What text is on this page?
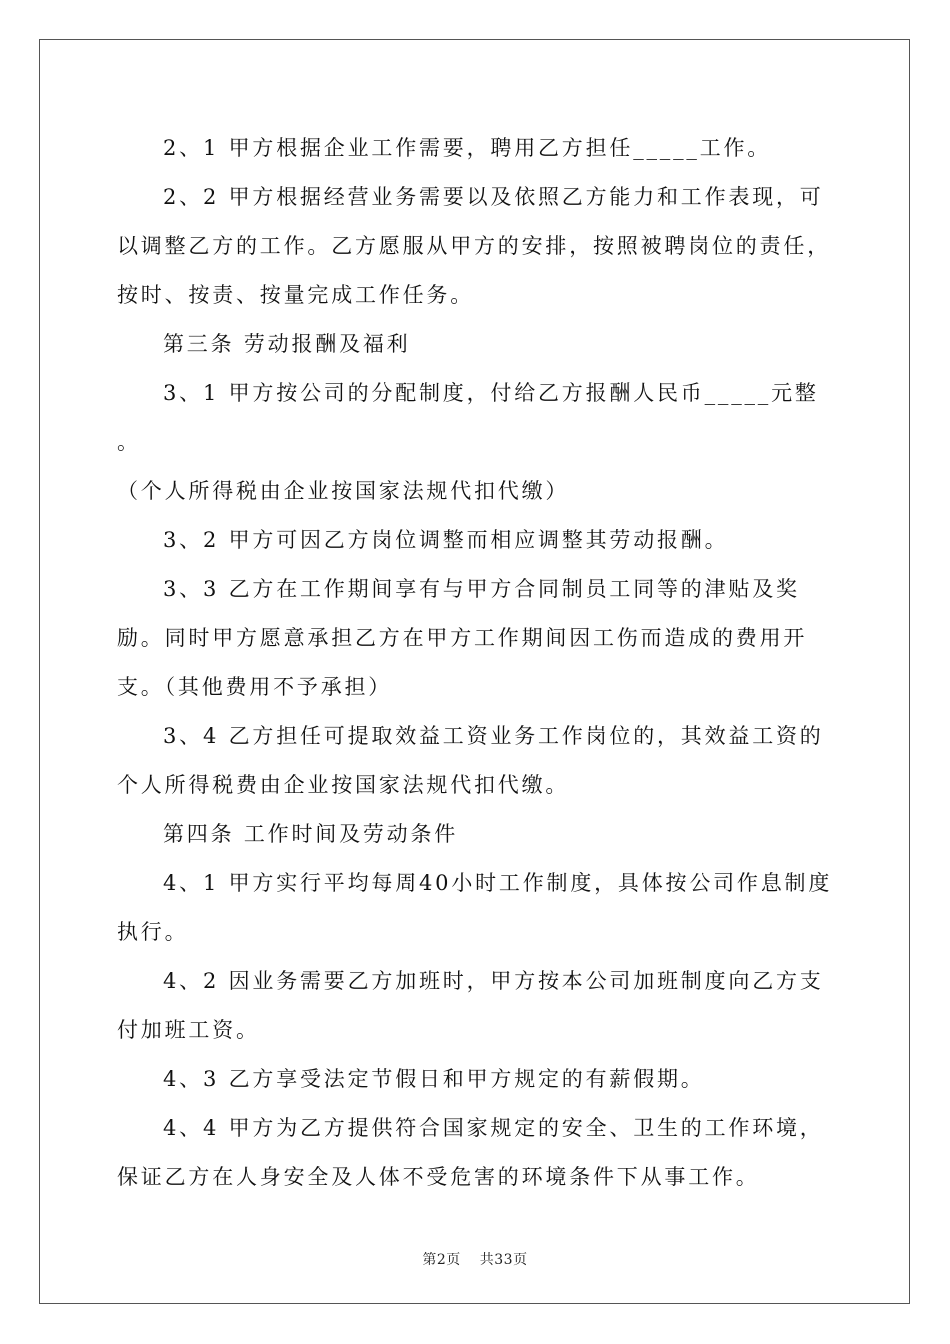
2、1 甲方根据企业工作需要，聘用乙方担任_____工作。

2、2 甲方根据经营业务需要以及依照乙方能力和工作表现，可以调整乙方的工作。乙方愿服从甲方的安排，按照被聘岗位的责任，按时、按责、按量完成工作任务。

第三条 劳动报酬及福利

3、1 甲方按公司的分配制度，付给乙方报酬人民币_____元整 。

（个人所得税由企业按国家法规代扣代缴）

3、2 甲方可因乙方岗位调整而相应调整其劳动报酬。

3、3 乙方在工作期间享有与甲方合同制员工同等的津贴及奖励。同时甲方愿意承担乙方在甲方工作期间因工伤而造成的费用开支。（其他费用不予承担）

3、4 乙方担任可提取效益工资业务工作岗位的，其效益工资的个人所得税费由企业按国家法规代扣代缴。

第四条 工作时间及劳动条件

4、1 甲方实行平均每周40小时工作制度，具体按公司作息制度执行。

4、2 因业务需要乙方加班时，甲方按本公司加班制度向乙方支付加班工资。

4、3 乙方享受法定节假日和甲方规定的有薪假期。

4、4 甲方为乙方提供符合国家规定的安全、卫生的工作环境，保证乙方在人身安全及人体不受危害的环境条件下从事工作。

第2页 共33页
